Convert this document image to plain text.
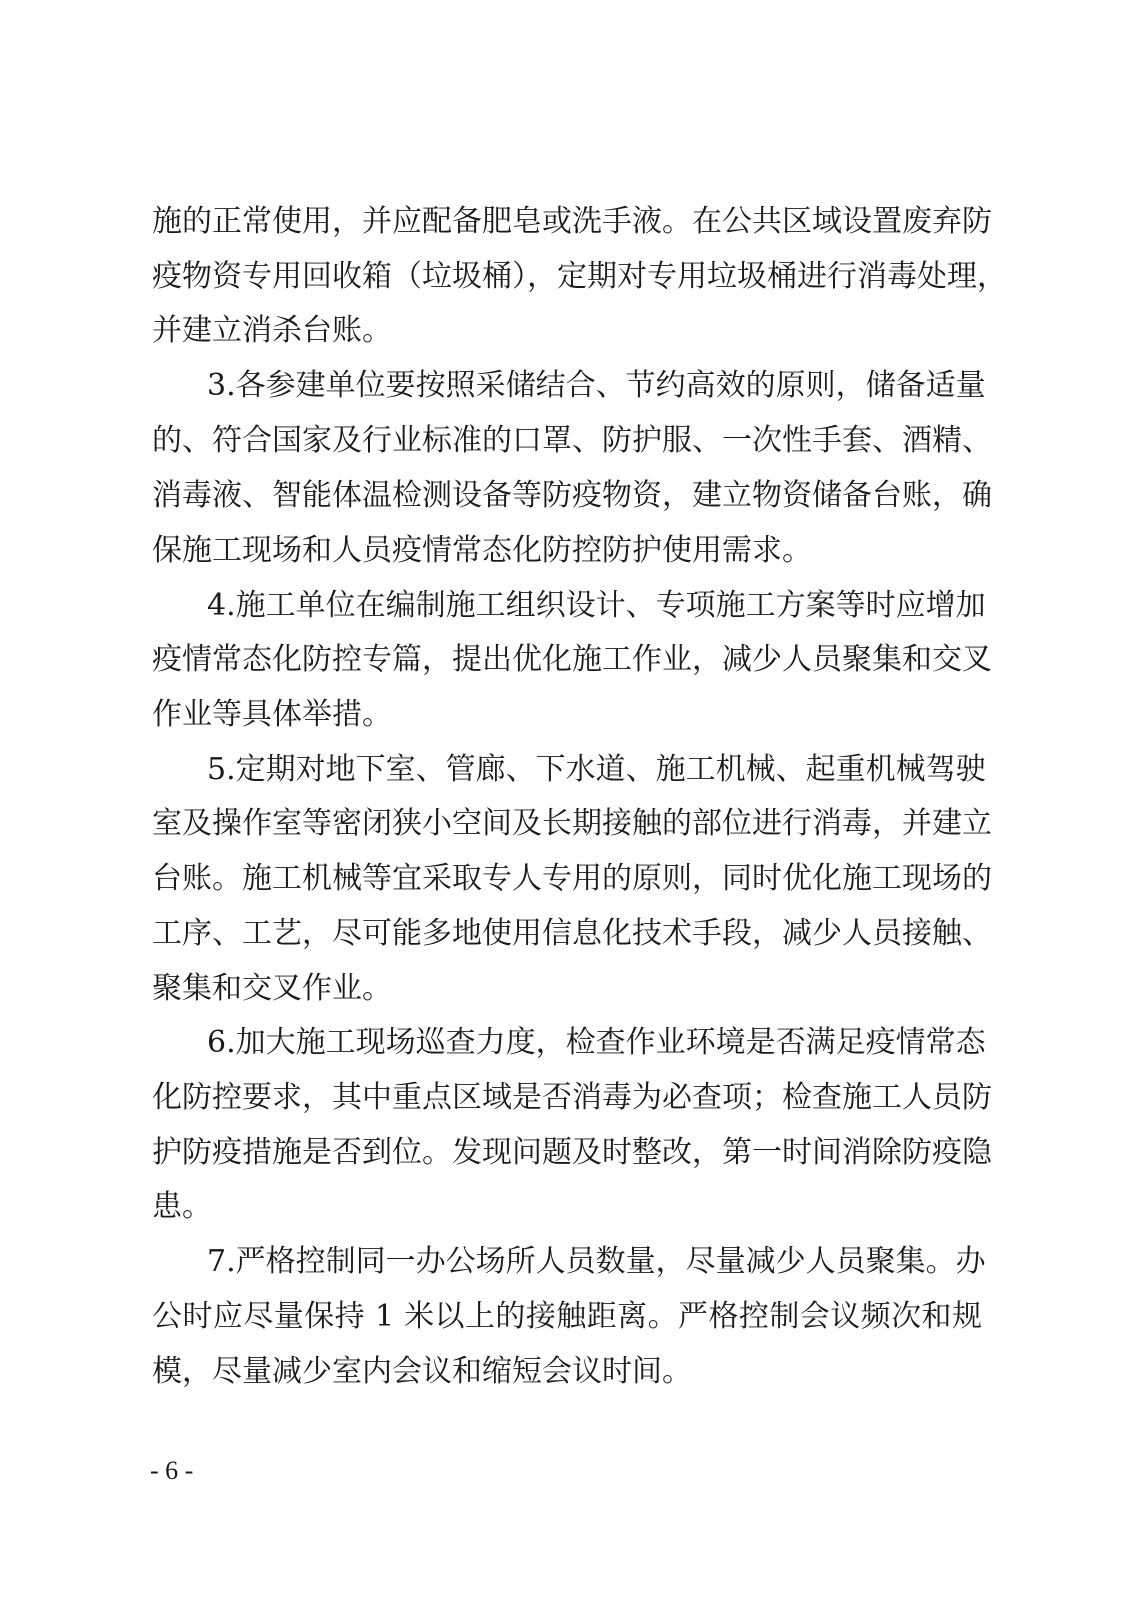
施的正常使用，并应配备肥皂或洗手液。在公共区域设置废弃防
疫物资专用回收箱（垃圾桶），定期对专用垃圾桶进行消毒处理，
并建立消杀台账。
3.各参建单位要按照采储结合、节约高效的原则，储备适量
的、符合国家及行业标准的口罩、防护服、一次性手套、酒精、
消毒液、智能体温检测设备等防疫物资，建立物资储备台账，确
保施工现场和人员疫情常态化防控防护使用需求。
4.施工单位在编制施工组织设计、专项施工方案等时应增加
疫情常态化防控专篇，提出优化施工作业，减少人员聚集和交叉
作业等具体举措。
5.定期对地下室、管廊、下水道、施工机械、起重机械驾驶
室及操作室等密闭狭小空间及长期接触的部位进行消毒，并建立
台账。施工机械等宜采取专人专用的原则，同时优化施工现场的
工序、工艺，尽可能多地使用信息化技术手段，减少人员接触、
聚集和交叉作业。
6.加大施工现场巡查力度，检查作业环境是否满足疫情常态
化防控要求，其中重点区域是否消毒为必查项；检查施工人员防
护防疫措施是否到位。发现问题及时整改，第一时间消除防疫隐
患。
7.严格控制同一办公场所人员数量，尽量减少人员聚集。办
公时应尽量保持 1 米以上的接触距离。严格控制会议频次和规
模，尽量减少室内会议和缩短会议时间。
- 6 -
